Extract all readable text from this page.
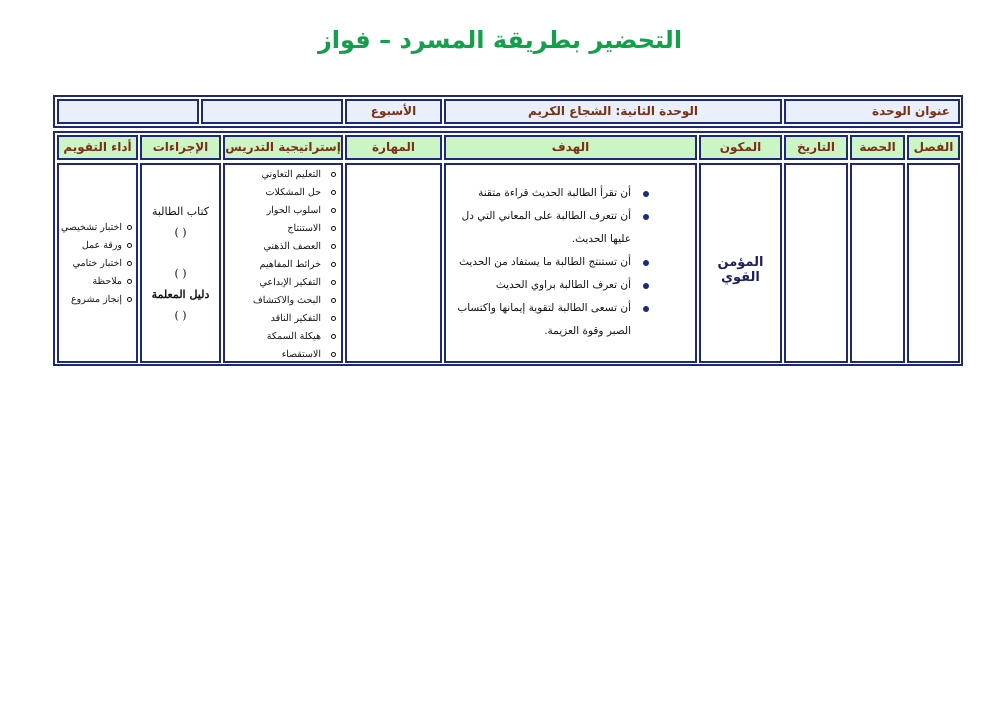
التحضير بطريقة المسرد – فواز
عنوان الوحدة
الوحدة الثانية: الشجاع الكريم
الأسبوع
الفصل
الحصة
التاريخ
المكون
المؤمن القوي
الهدف
أن تقرأ الطالبة الحديث قراءة متقنة
أن تتعرف الطالبة على المعاني التي دل عليها الحديث.
أن تستنتج الطالبة ما يستفاد من الحديث
أن تعرف الطالبة براوي الحديث
أن تسعى الطالبة لتقوية إيمانها واكتساب الصبر وقوة العزيمة.
المهارة
إستراتيجية التدريس
التعليم التعاوني
حل المشكلات
اسلوب الحوار
الاستنتاج
العصف الذهني
خرائط المفاهيم
التفكير الإبداعي
البحث والاكتشاف
التفكير الناقد
هيكلة السمكة
الاستقصاء
الإجراءات
كتاب الطالبة
( )
( )
دليل المعلمة
( )
أداء التقويم
اختبار تشخيصي
ورقة عمل
اختبار ختامي
ملاحظة
إنجاز مشروع
